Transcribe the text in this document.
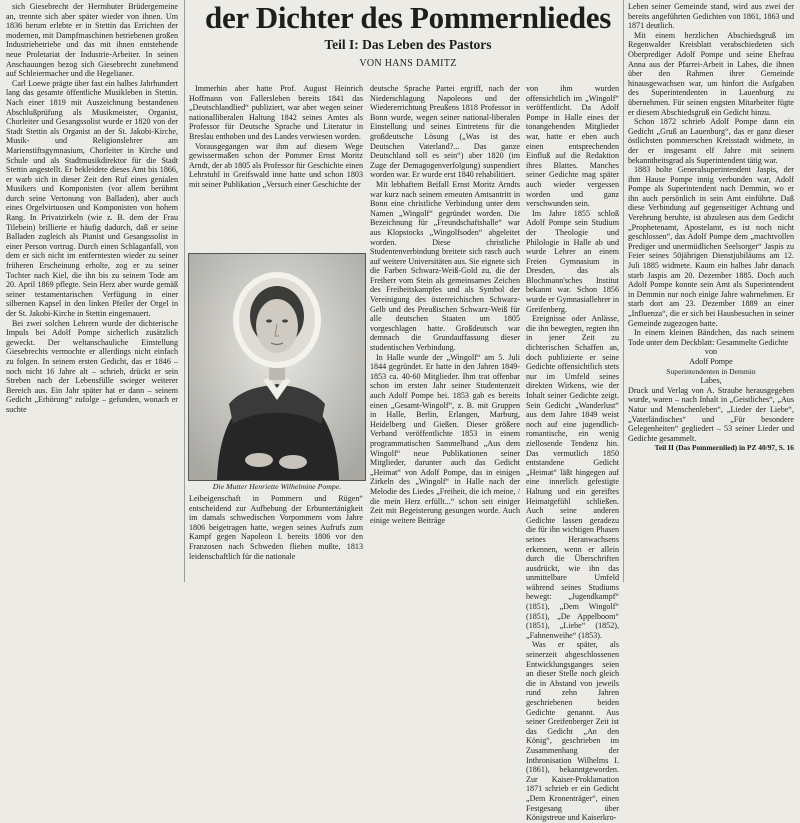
der Dichter des Pommernliedes
Teil I: Das Leben des Pastors
VON HANS DAMITZ

sich Giesebrecht der Herrnhuter Brüdergemeine an, trennte sich aber später wieder von ihnen. Um 1836 herum erlebte er in Stettin das Errichten der modernen, mit Dampfmaschinen betriebenen großen Industriebetriebe und das mit ihnen entstehende neue Proletariat der Industrie-Arbeiter. In seinen Anschauungen bezog sich Giesebrecht zunehmend auf Schleiermacher und die Hegelianer.

Carl Loewe prägte über fast ein halbes Jahrhundert lang das gesamte öffentliche Musikleben in Stettin. Nach einer 1819 mit Auszeichnung bestandenen Abschlußprüfung als Musikmeister, Organist, Chorleiter und Gesangssolist wurde er 1820 von der Stadt Stettin als Organist an der St. Jakobi-Kirche, Musik- und Religionslehrer am Marienstiftsgymnasium, Chorleiter in Kirche und Schule und als Stadtmusikdirektor für die Stadt Stettin angestellt. Er bekleidete dieses Amt bis 1866, er warb sich in dieser Zeit den Ruf eines genialen Musikers und Komponisten (vor allem berühmt durch seine Vertonung von Balladen), aber auch eines Orgelvirtuosen und Komponisten von hohem Rang. In Privatzirkeln (wie z. B. dem der Frau Tilebein) brillierte er häufig dadurch, daß er seine Balladen zugleich als Pianist und Gesangssolist in einer Person vortrug. Durch einen Schlaganfall, von dem er sich nicht im entferntesten wieder zu seiner früheren Erscheinung erholte, zog er zu seiner Tochter nach Kiel, die ihn bis zu seinem Tode am 20. April 1869 pflegte. Sein Herz aber wurde gemäß seiner testamentarischen Verfügung in einer silbernen Kapsel in den linken Pfeiler der Orgel in der St. Jakobi-Kirche in Stettin eingemauert.

Bei zwei solchen Lehrern wurde der dichterische Impuls bei Adolf Pompe sicherlich zusätzlich geweckt. Der weltanschauliche Einstellung Giesebrechts vermochte er allerdings nicht einfach zu folgen. In seinem ersten Gedicht, das er 1846 – noch nicht 16 Jahre alt – schrieb, drückt er sein Streben nach der Lebensfülle swieger weiterer Bereich aus. Ein Jahr später hat er dann – seinem Gedicht „Erhörung“ zufolge – gefunden, wonach er suchte

Immerhin aber hatte Prof. August Heinrich Hoffmann von Fallersleben bereits 1841 das „Deutschlandlied“ publiziert, war aber wegen seiner nationalliberalen Haltung 1842 seines Amtes als Professor für Deutsche Sprache und Literatur in Breslau enthoben und des Landes verwiesen worden.

Vorausgegangen war ihm auf diesem Wege gewissermaßen schon der Pommer Ernst Moritz Arndt, der ab 1805 als Professor für Geschichte einen Lehrstuhl in Greifswald inne hatte und schon 1803 mit seiner Publikation „Versuch einer Geschichte der

Die Mutter Henriette Wilhelmine Pompe.

Leibeigenschaft in Pommern und Rügen“ entscheidend zur Aufhebung der Erbuntertänigkeit im damals schwedischen Vorpommern vom Jahre 1806 beigetragen hatte, wegen seines Aufrufs zum Kampf gegen Napoleon I. bereits 1806 vor den Franzosen nach Schweden fliehen mußte, 1813 leidenschaftlich für die nationale

deutsche Sprache Partei ergriff, nach der Niederschlagung Napoleons und der Wiedererrichtung Preußens 1818 Professor in Bonn wurde, wegen seiner national-liberalen Einstellung und seines Eintretens für die großdeutsche Lösung („Was ist des Deutschen Vaterland?... Das ganze Deutschland soll es sein“) aber 1820 (im Zuge der Demagogenverfolgung) suspendiert worden war. Er wurde erst 1840 rehabilitiert.

Mit lebhaftem Beifall Ernst Moritz Arndts war kurz nach seinem erneuten Amtsantritt in Bonn eine christliche Verbindung unter dem Namen „Wingolf“ gegründet worden. Die Bezeichnung für „Freundschaftshalle“ war aus Klopstocks „Wingolfsoden“ abgeleitet worden. Diese christliche Studentenverbindung breitete sich rasch auch auf weitere Universitäten aus. Sie eignete sich die Farben Schwarz-Weiß-Gold zu, die der Freiherr vom Stein als gemeinsames Zeichen des Freiheitskampfes und als Symbol der Vereinigung des österreichischen Schwarz-Gelb und des Preußischen Schwarz-Weiß für alle deutschen Staaten um 1805 vorgeschlagen hatte. Großdeutsch war demnach die Grundauffassung dieser studentischen Verbindung.

In Halle wurde der „Wingolf“ am 5. Juli 1844 gegründet. Er hatte in den Jahren 1849-1853 ca. 40-60 Mitglieder. Ihm trat offenbar schon im ersten Jahr seiner Studentenzeit auch Adolf Pompe bei. 1853 gab es bereits einen „Gesamt-Wingolf“, z. B. mit Gruppen in Halle, Berlin, Erlangen, Marburg, Heidelberg und Gießen. Dieser größere Verband veröffentlichte 1853 in einem programmatischen Sammelband „Aus dem Wingolf“ neue Publikationen seiner Mitglieder, darunter auch das Gedicht „Heimat“ von Adolf Pompe, das in einigen Zirkeln des „Wingolf“ in Halle nach der Melodie des Liedes „Freiheit, die ich meine, / die mein Herz erfüllt...“ schon seit einiger Zeit mit Begeisterung gesungen wurde. Auch einige weitere Beiträge

von ihm wurden offensichtlich im „Wingolf“ veröffentlicht. Da Adolf Pompe in Halle eines der tonangebenden Mitglieder war, hatte er eben auch einen entsprechenden Einfluß auf die Redaktion ihres Blattes. Manches seiner Gedichte mag später auch wieder vergessen worden und ganz verschwunden sein.

Im Jahre 1855 schloß Adolf Pompe sein Studium der Theologie und Philologie in Halle ab und wurde Lehrer an einem Freien Gymnasium in Dresden, das als Blochmann'sches Institut bekannt war. Schon 1856 wurde er Gymnasiallehrer in Greifenberg.

Ereignisse oder Anlässe, die ihn bewegten, regten ihn in jener Zeit zu dichterischen Schaffen an, doch publizierte er seine Gedichte offensichtlich stets nur im Umfeld seines direkten Wirkens, wie der Inhalt seiner Gedichte zeigt. Sein Gedicht „Wanderlust“ aus dem Jahre 1849 weist noch auf eine jugendlich-romantische, ein wenig ziellosende Tendenz hin. Das vermutlich 1850 entstandene Gedicht „Heimat“ läßt hingegen auf eine innerlich gefestigte Haltung und ein gereiftes Heimatgefühl schließen. Auch seine anderen Gedichte lassen geradezu die für ihn wichtigen Phasen seines Heranwachsens erkennen, wenn er allein durch die Überschriften ausdrückt, wie ihn das unmittelbare Umfeld während seines Studiums bewegt: „Jugendkampf“ (1851), „Dem Wingolf“ (1851), „De Appelboom“ (1851), „Liebe“ (1852), „Fahnenweihe“ (1853).

Was er später, als seinerzeit abgeschlossenen Entwicklungsganges seien an dieser Stelle noch gleich die in Abstand von jeweils rund zehn Jahren geschriebenen beiden Gedichte genannt. Aus seiner Greifenberger Zeit ist das Gedicht „An den König“, geschrieben im Zusammenhang der Inthronisation Wilhelms I. (1861), bekanntgeworden. Zur Kaiser-Proklamation 1871 schrieb er ein Gedicht „Dem Kronenträger“, einen Festgesang über Königstreue und Kaiserkro-

Leben seiner Gemeinde stand, wird aus zwei der bereits angeführten Gedichten von 1861, 1863 und 1871 deutlich.

Mit einem herzlichen Abschiedsgruß im Regenwalder Kreisblatt verabschiedeten sich Oberprediger Adolf Pompe und seine Ehefrau Anna aus der Pfarrei-Arbeit in Labes, die ihnen über den Rahmen ihrer Gemeinde hinausgewachsen war, um hinfort die Aufgaben des Superintendenten in Lauenburg zu übernehmen. Für seinen engsten Mitarbeiter fügte er diesem Abschiedsgruß ein Gedicht hinzu.

Schon 1872 schrieb Adolf Pompe dann ein Gedicht „Gruß an Lauenburg“, das er ganz dieser östlichsten pommerschen Kreisstadt widmete, in der er insgesamt elf Jahre mit seinem bekanntheitsgrad als Superintendent tätig war.

1883 holte Generalsuperintendent Jaspis, der ihm Hause Pompe innig verbunden war, Adolf Pompe als Superintendent nach Demmin, wo er ihn auch persönlich in sein Amt einführte. Daß diese Verbindung auf gegenseitiger Achtung und Verehrung beruhte, ist abzulesen aus dem Gedicht „Prophetenamt, Apostelamt, es ist noch nicht geschlossen“, das Adolf Pompe dem „machtvollen Prediger und unermüdlichen Seelsorger“ Jaspis zu Feier seines 50jährigen Dienstjubiläums am 12. Juli 1885 widmete. Kaum ein halbes Jahr danach starb Jaspis am 20. Dezember 1885. Doch auch Adolf Pompe konnte sein Amt als Superintendent in Demmin nur noch einige Jahre wahrnehmen. Er starb dort am 23. Dezember 1889 an einer „Influenza“, die er sich bei Hausbesuchen in seiner Gemeinde zugezogen hatte.

In einem kleinen Bändchen, das nach seinem Tode unter dem Deckblatt: Gesammelte Gedichte

von

Adolf Pompe

Superintendenten in Demmin

Labes,

Druck und Verlag von A. Straube herausgegeben wurde, waren – nach Inhalt in „Geistliches“, „Aus Natur und Menschenleben“, „Lieder der Liebe“, „Vaterländisches“ und „Für besondere Gelegenheiten“ gegliedert – 53 seiner Lieder und Gedichte gesammelt.

Teil II (Das Pommernlied) in PZ 40/97, S. 16
